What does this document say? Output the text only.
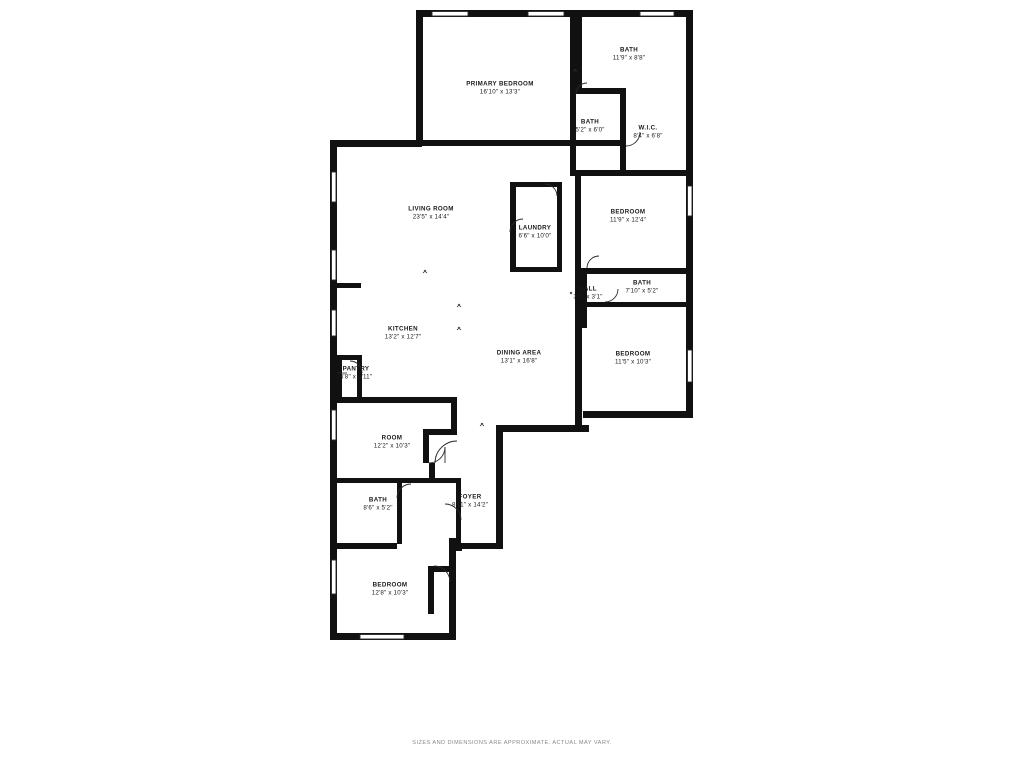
PRIMARY BEDROOM
16'10" x 13'3"
BATH
11'9" x 8'8"
BATH
5'2" x 6'0"	W.I.C.
8'4" x 6'8"
LIVING ROOM
23'5" x 14'4"
LAUNDRY
6'6" x 10'0"
BEDROOM
11'9" x 12'4"
BATH
7'10" x 5'2"
HALL
3'8" x 3'1"
KITCHEN
13'2" x 12'7"
DINING AREA
13'1" x 16'8"
BEDROOM
11'5" x 10'3"
PANTRY
4'8" x 3'11"
ROOM
12'2" x 10'3"
BATH
8'6" x 5'2"
FOYER
8'11" x 14'2"
BEDROOM
12'8" x 10'3"
SIZES AND DIMENSIONS ARE APPROXIMATE. ACTUAL MAY VARY.
